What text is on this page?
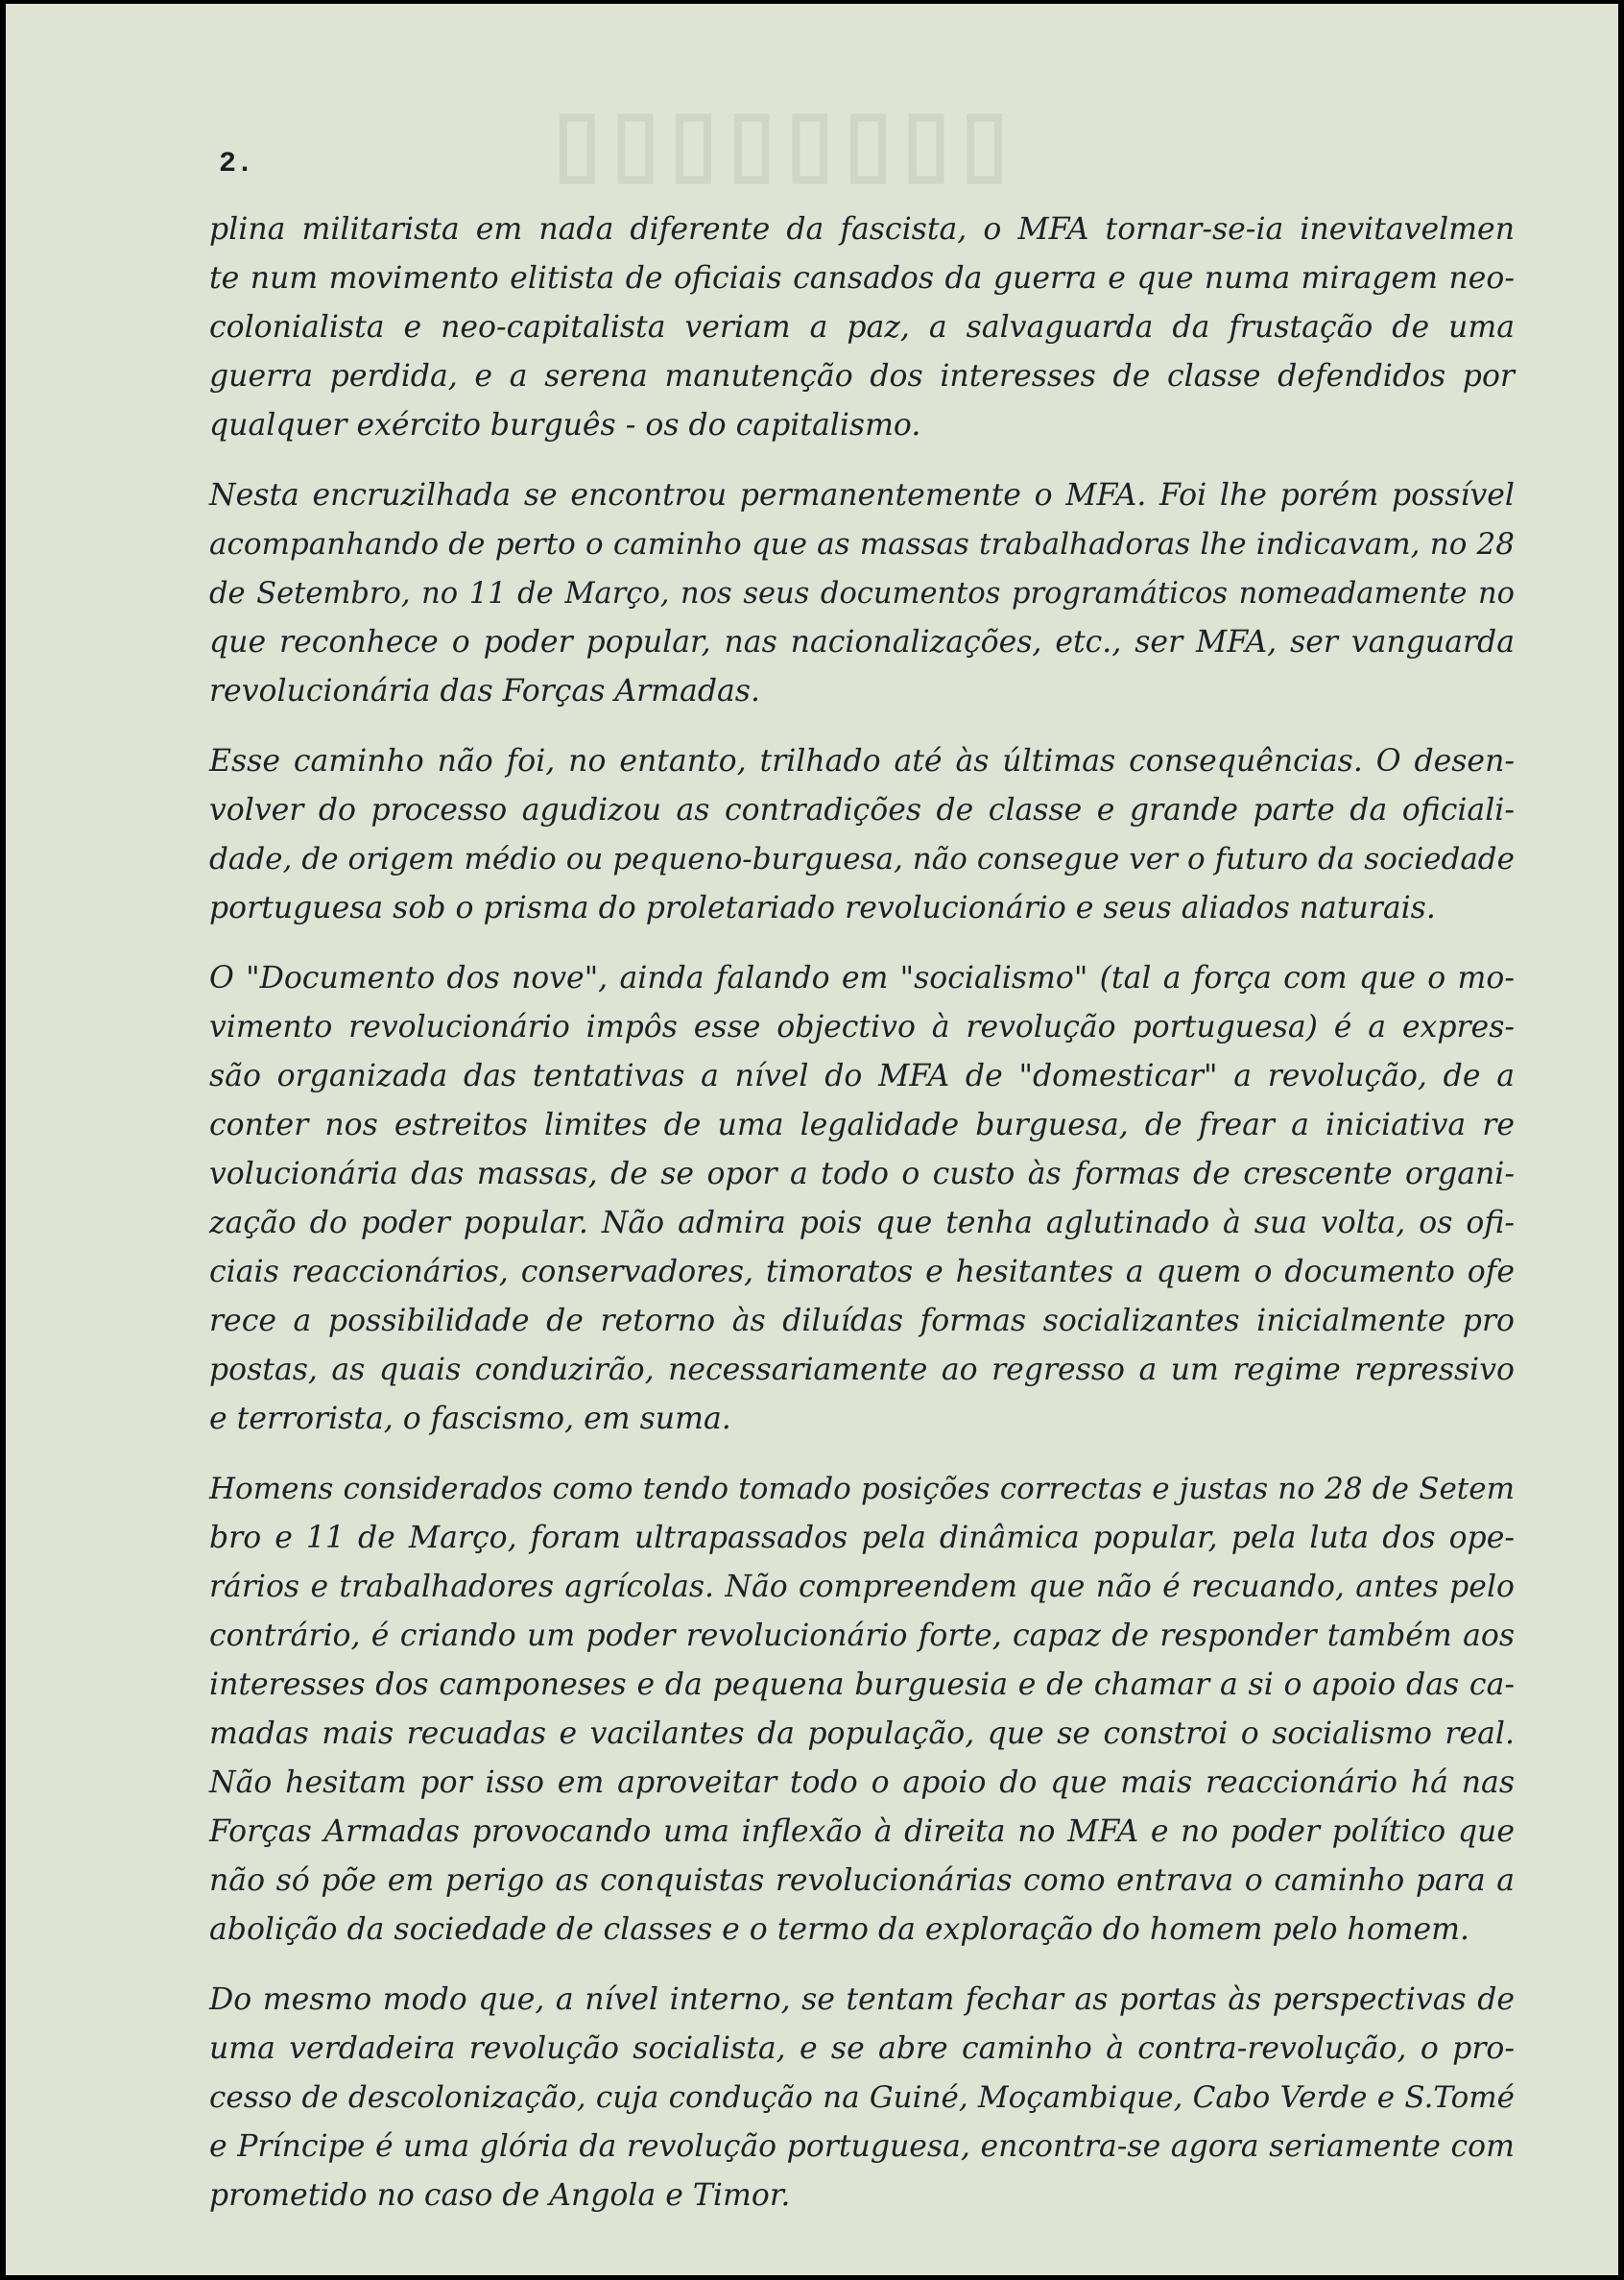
▯▯▯▯▯▯▯▯
2.
plina militarista em nada diferente da fascista, o MFA tornar-se-ia inevitavelmen
te num movimento elitista de oficiais cansados da guerra e que numa miragem neo-
colonialista e neo-capitalista veriam a paz, a salvaguarda da frustação de uma
guerra perdida, e a serena manutenção dos interesses de classe defendidos por
qualquer exército burguês - os do capitalismo.
Nesta encruzilhada se encontrou permanentemente o MFA. Foi lhe porém possível
acompanhando de perto o caminho que as massas trabalhadoras lhe indicavam, no 28
de Setembro, no 11 de Março, nos seus documentos programáticos nomeadamente no
que reconhece o poder popular, nas nacionalizações, etc., ser MFA, ser vanguarda
revolucionária das Forças Armadas.
Esse caminho não foi, no entanto, trilhado até às últimas consequências. O desen-
volver do processo agudizou as contradições de classe e grande parte da oficiali-
dade, de origem médio ou pequeno-burguesa, não consegue ver o futuro da sociedade
portuguesa sob o prisma do proletariado revolucionário e seus aliados naturais.
O "Documento dos nove", ainda falando em "socialismo" (tal a força com que o mo-
vimento revolucionário impôs esse objectivo à revolução portuguesa) é a expres-
são organizada das tentativas a nível do MFA de "domesticar" a revolução, de a
conter nos estreitos limites de uma legalidade burguesa, de frear a iniciativa re
volucionária das massas, de se opor a todo o custo às formas de crescente organi-
zação do poder popular. Não admira pois que tenha aglutinado à sua volta, os ofi-
ciais reaccionários, conservadores, timoratos e hesitantes a quem o documento ofe
rece a possibilidade de retorno às diluídas formas socializantes inicialmente pro
postas, as quais conduzirão, necessariamente ao regresso a um regime repressivo
e terrorista, o fascismo, em suma.
Homens considerados como tendo tomado posições correctas e justas no 28 de Setem
bro e 11 de Março, foram ultrapassados pela dinâmica popular, pela luta dos ope-
rários e trabalhadores agrícolas. Não compreendem que não é recuando, antes pelo
contrário, é criando um poder revolucionário forte, capaz de responder também aos
interesses dos camponeses e da pequena burguesia e de chamar a si o apoio das ca-
madas mais recuadas e vacilantes da população, que se constroi o socialismo real.
Não hesitam por isso em aproveitar todo o apoio do que mais reaccionário há nas
Forças Armadas provocando uma inflexão à direita no MFA e no poder político que
não só põe em perigo as conquistas revolucionárias como entrava o caminho para a
abolição da sociedade de classes e o termo da exploração do homem pelo homem.
Do mesmo modo que, a nível interno, se tentam fechar as portas às perspectivas de
uma verdadeira revolução socialista, e se abre caminho à contra-revolução, o pro-
cesso de descolonização, cuja condução na Guiné, Moçambique, Cabo Verde e S.Tomé
e Príncipe é uma glória da revolução portuguesa, encontra-se agora seriamente com
prometido no caso de Angola e Timor.
